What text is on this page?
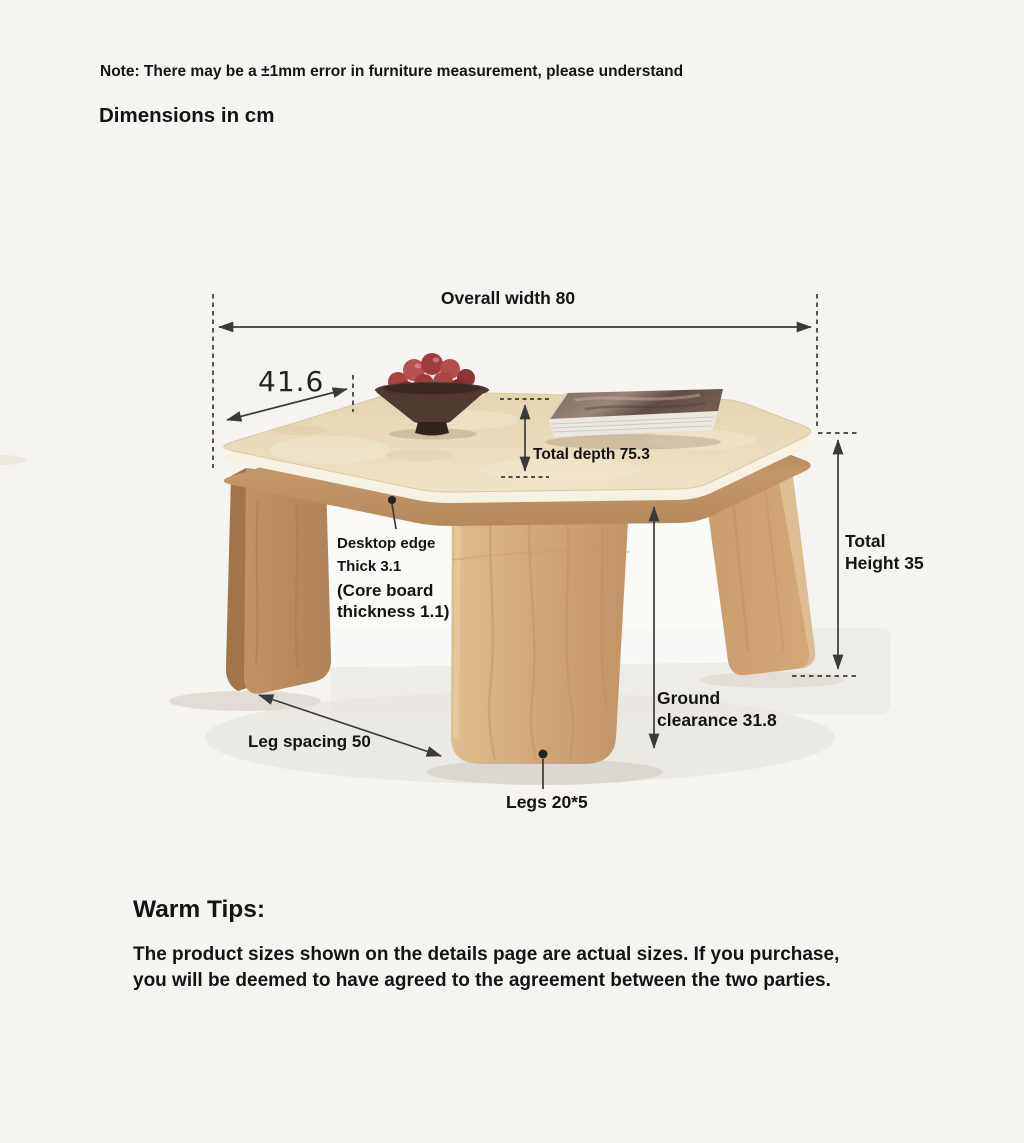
Note: There may be a ±1mm error in furniture measurement, please understand
Dimensions in cm
Overall width 80
41.6
Total depth 75.3
Desktop edge
Thick 3.1
(Core board thickness 1.1)
Total Height 35
Ground clearance 31.8
Leg spacing 50
Legs 20*5
Warm Tips:
The product sizes shown on the details page are actual sizes. If you purchase, you will be deemed to have agreed to the agreement between the two parties.
